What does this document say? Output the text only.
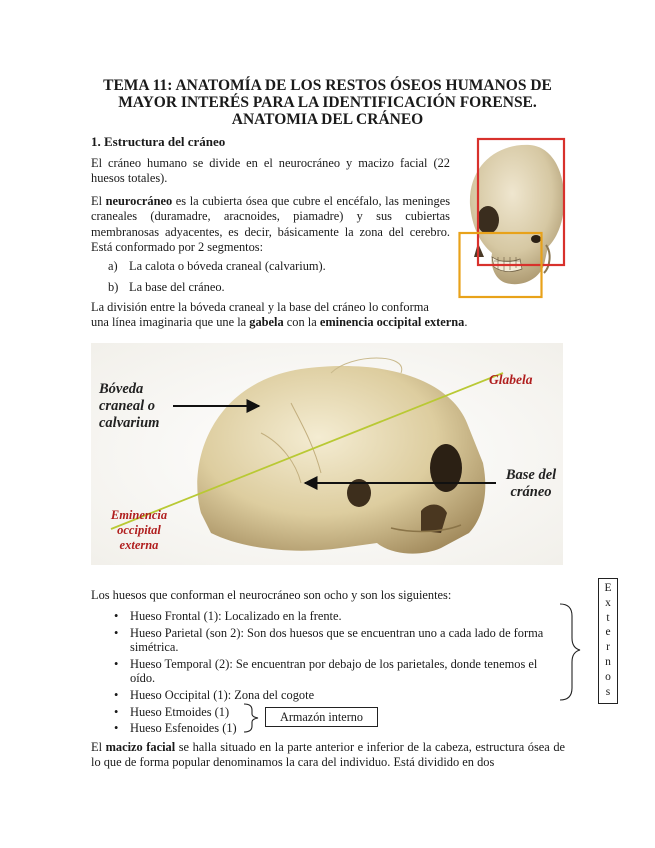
TEMA 11: ANATOMÍA DE LOS RESTOS ÓSEOS HUMANOS DE
MAYOR INTERÉS PARA LA IDENTIFICACIÓN FORENSE.
ANATOMIA DEL CRÁNEO
1. Estructura del cráneo
El cráneo humano se divide en el neurocráneo y macizo facial (22 huesos totales).
El neurocráneo es la cubierta ósea que cubre el encéfalo, las meninges craneales (duramadre, aracnoides, piamadre) y sus cubiertas membranosas adyacentes, es decir, básicamente la zona del cerebro. Está conformado por 2 segmentos:
a) La calota o bóveda craneal (calvarium).
b) La base del cráneo.
La división entre la bóveda craneal y la base del cráneo lo conforma
una línea imaginaria que une la gabela con la eminencia occipital externa.
Bóveda craneal o calvarium
Glabela
Base del cráneo
Eminencia occipital externa
Los huesos que conforman el neurocráneo son ocho y son los siguientes:
• Hueso Frontal (1): Localizado en la frente.
• Hueso Parietal (son 2): Son dos huesos que se encuentran uno a cada lado de forma simétrica.
• Hueso Temporal (2): Se encuentran por debajo de los parietales, donde tenemos el oído.
• Hueso Occipital (1): Zona del cogote
• Hueso Etmoides (1)
• Hueso Esfenoides (1)
E
x
t
e
r
n
o
s
Armazón interno
El macizo facial se halla situado en la parte anterior e inferior de la cabeza, estructura ósea de lo que de forma popular denominamos la cara del individuo. Está dividido en dos
